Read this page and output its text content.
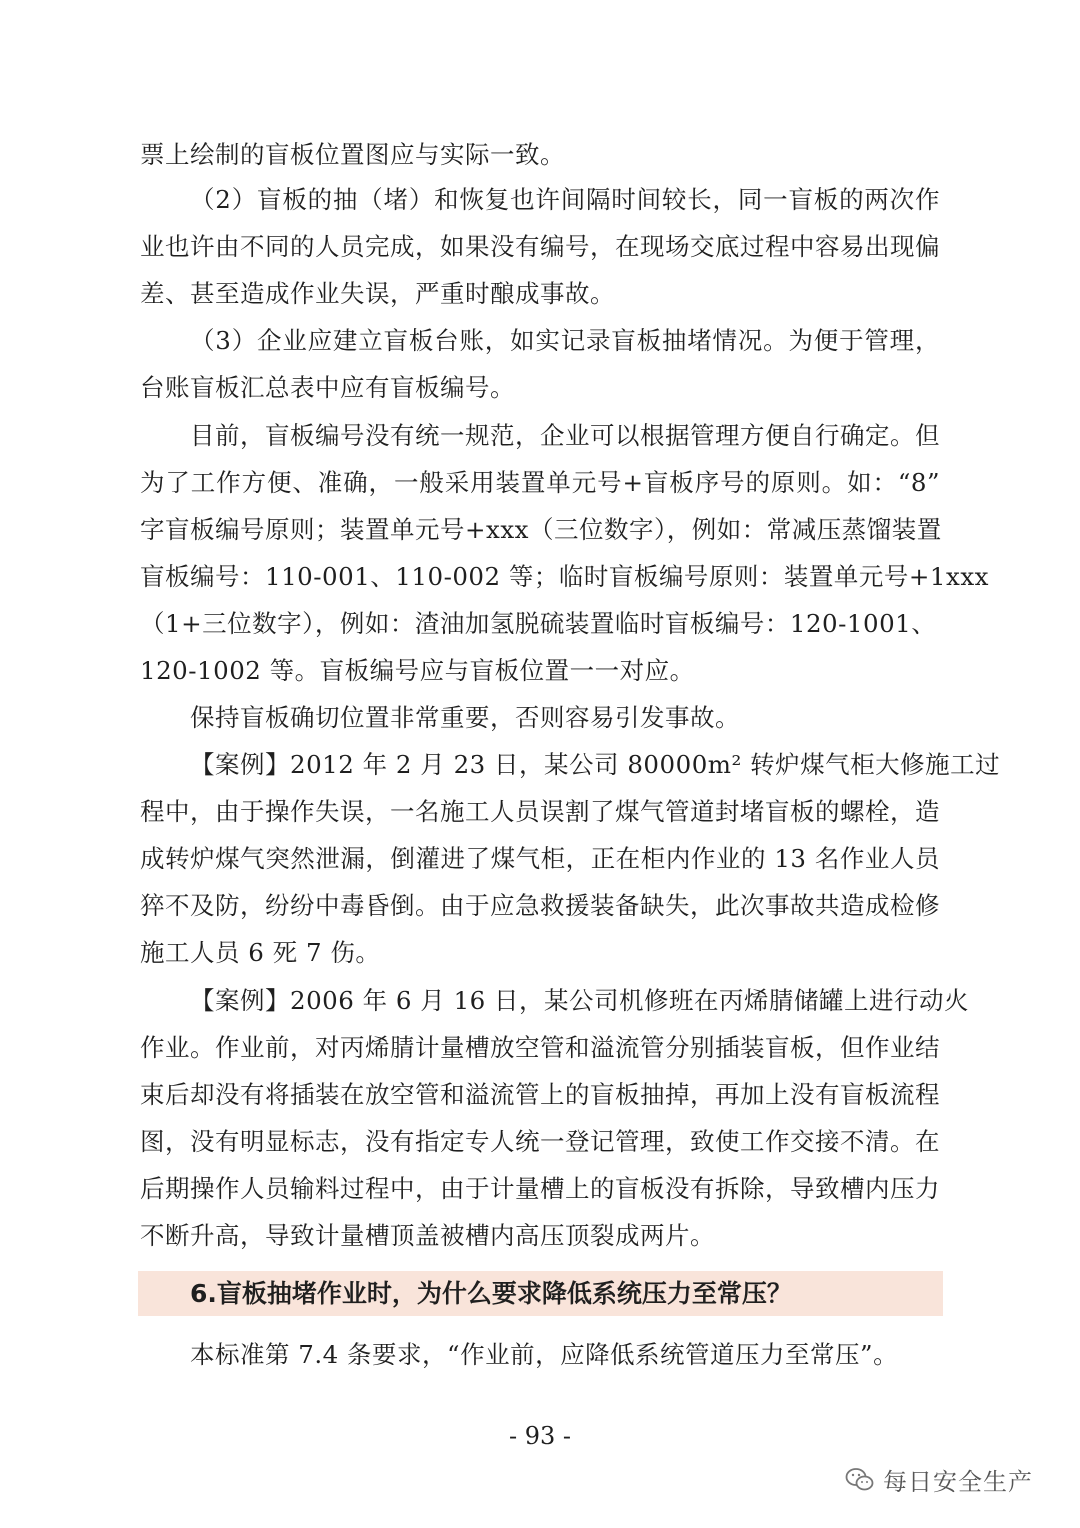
票上绘制的盲板位置图应与实际一致。
（2）盲板的抽（堵）和恢复也许间隔时间较长，同一盲板的两次作
业也许由不同的人员完成，如果没有编号，在现场交底过程中容易出现偏
差、甚至造成作业失误，严重时酿成事故。
（3）企业应建立盲板台账，如实记录盲板抽堵情况。为便于管理，
台账盲板汇总表中应有盲板编号。
目前，盲板编号没有统一规范，企业可以根据管理方便自行确定。但
为了工作方便、准确，一般采用装置单元号+盲板序号的原则。如：“8”
字盲板编号原则；装置单元号+xxx（三位数字），例如：常减压蒸馏装置
盲板编号：110-001、110-002 等；临时盲板编号原则：装置单元号+1xxx
（1+三位数字），例如：渣油加氢脱硫装置临时盲板编号：120-1001、
120-1002 等。盲板编号应与盲板位置一一对应。
保持盲板确切位置非常重要，否则容易引发事故。
【案例】2012 年 2 月 23 日，某公司 80000m² 转炉煤气柜大修施工过
程中，由于操作失误，一名施工人员误割了煤气管道封堵盲板的螺栓，造
成转炉煤气突然泄漏，倒灌进了煤气柜，正在柜内作业的 13 名作业人员
猝不及防，纷纷中毒昏倒。由于应急救援装备缺失，此次事故共造成检修
施工人员 6 死 7 伤。
【案例】2006 年 6 月 16 日，某公司机修班在丙烯腈储罐上进行动火
作业。作业前，对丙烯腈计量槽放空管和溢流管分别插装盲板，但作业结
束后却没有将插装在放空管和溢流管上的盲板抽掉，再加上没有盲板流程
图，没有明显标志，没有指定专人统一登记管理，致使工作交接不清。在
后期操作人员输料过程中，由于计量槽上的盲板没有拆除，导致槽内压力
不断升高，导致计量槽顶盖被槽内高压顶裂成两片。
6.盲板抽堵作业时，为什么要求降低系统压力至常压？
本标准第 7.4 条要求，“作业前，应降低系统管道压力至常压”。
- 93 -
每日安全生产
